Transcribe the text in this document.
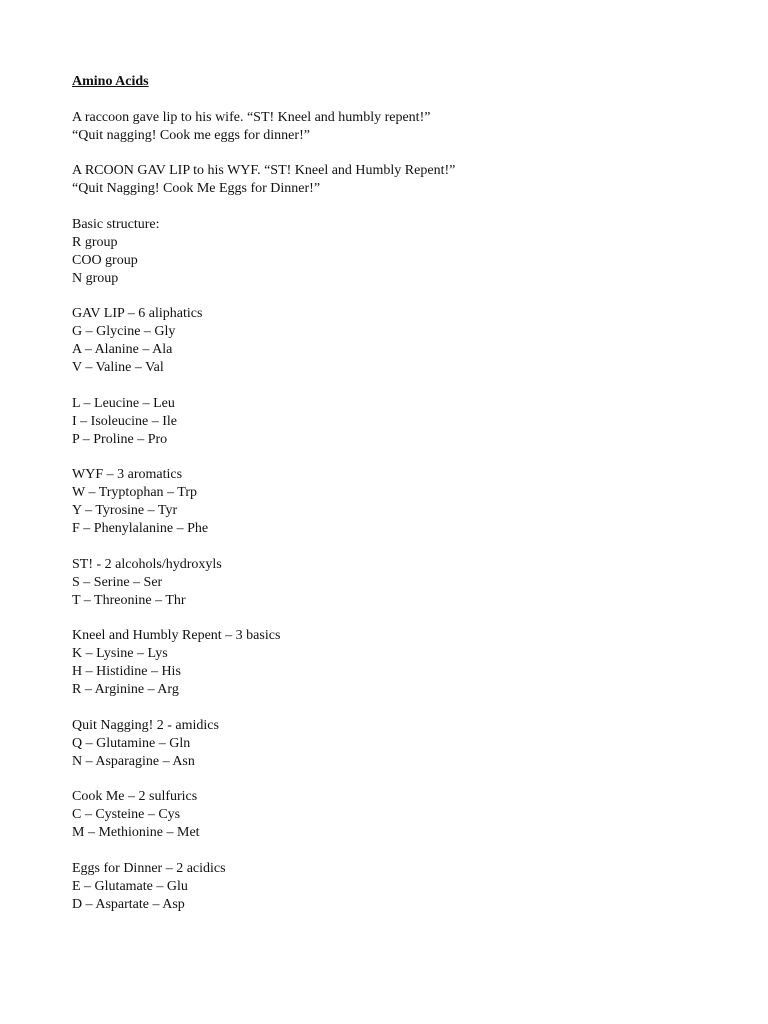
Amino Acids
A raccoon gave lip to his wife. “ST! Kneel and humbly repent!”
“Quit nagging! Cook me eggs for dinner!”
A RCOON GAV LIP to his WYF. “ST! Kneel and Humbly Repent!”
“Quit Nagging! Cook Me Eggs for Dinner!”
Basic structure:
R group
COO group
N group
GAV LIP – 6 aliphatics
G – Glycine – Gly
A – Alanine – Ala
V – Valine – Val
L – Leucine – Leu
I – Isoleucine – Ile
P – Proline – Pro
WYF – 3 aromatics
W – Tryptophan – Trp
Y – Tyrosine – Tyr
F – Phenylalanine – Phe
ST! - 2 alcohols/hydroxyls
S – Serine – Ser
T – Threonine – Thr
Kneel and Humbly Repent – 3 basics
K – Lysine – Lys
H – Histidine – His
R – Arginine – Arg
Quit Nagging! 2 - amidics
Q – Glutamine – Gln
N – Asparagine – Asn
Cook Me – 2 sulfurics
C – Cysteine – Cys
M – Methionine – Met
Eggs for Dinner – 2 acidics
E – Glutamate – Glu
D – Aspartate – Asp
